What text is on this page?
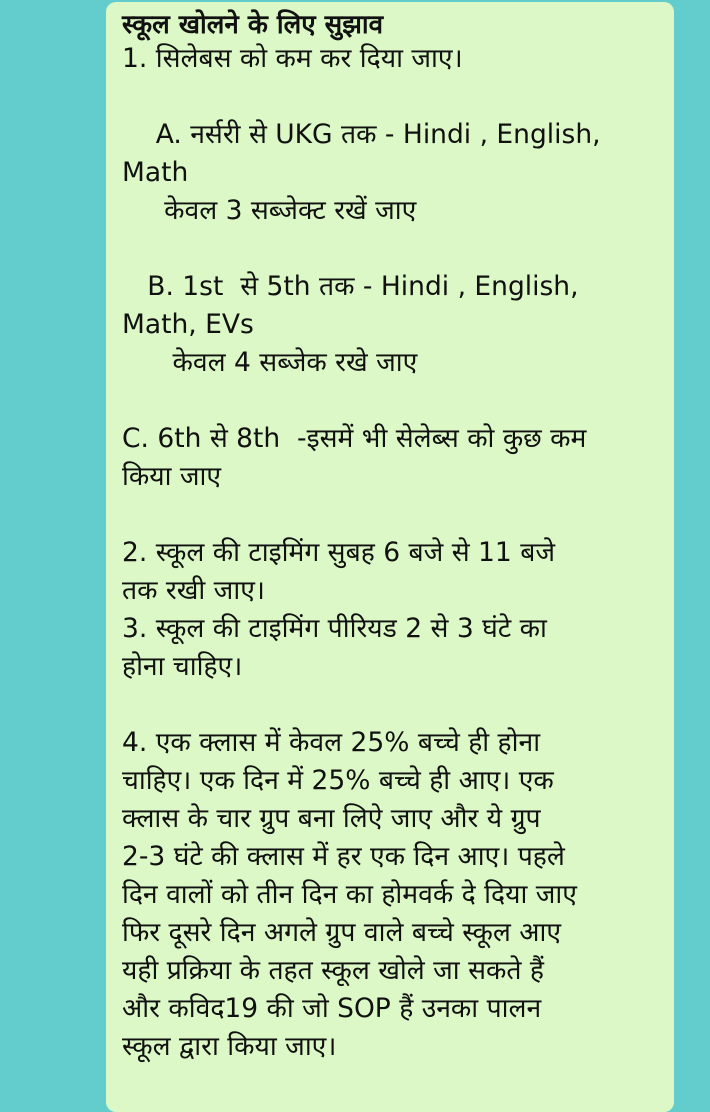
स्कूल खोलने के लिए सुझाव
1. सिलेबस को कम कर दिया जाए।
A. नर्सरी से UKG तक - Hindi , English,
Math
केवल 3 सब्जेक्ट रखें जाए
B. 1st  से 5th तक - Hindi , English,
Math, EVs
केवल 4 सब्जेक रखे जाए
C. 6th से 8th  -इसमें भी सेलेब्स को कुछ कम
किया जाए
2. स्कूल की टाइमिंग सुबह 6 बजे से 11 बजे
तक रखी जाए।
3. स्कूल की टाइमिंग पीरियड 2 से 3 घंटे का
होना चाहिए।
4. एक क्लास में केवल 25% बच्चे ही होना
चाहिए। एक दिन में 25% बच्चे ही आए। एक
क्लास के चार ग्रुप बना लिऐ जाए और ये ग्रुप
2-3 घंटे की क्लास में हर एक दिन आए। पहले
दिन वालों को तीन दिन का होमवर्क दे दिया जाए
फिर दूसरे दिन अगले ग्रुप वाले बच्चे स्कूल आए
यही प्रक्रिया के तहत स्कूल खोले जा सकते हैं
और कविद19 की जो SOP हैं उनका पालन
स्कूल द्वारा किया जाए।
